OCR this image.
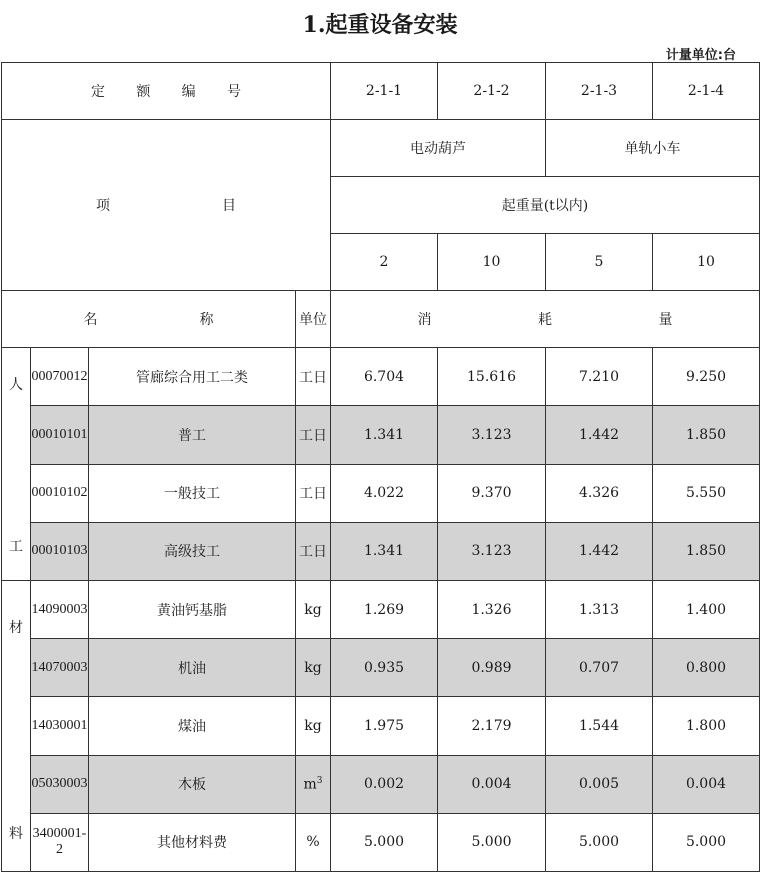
1.起重设备安装
计量单位:台
定 额 编 号				2-1-1	2-1-2	2-1-3	2-1-4

项 目				电动葫芦		单轨小车	
				起重量(t以内)			
				2	10	5	10

名 称			单位	消 耗 量			

人
工	00070012	管廊综合用工二类	工日	6.704	15.616	7.210	9.250
	00010101	普工	工日	1.341	3.123	1.442	1.850
	00010102	一般技工	工日	4.022	9.370	4.326	5.550
	00010103	高级技工	工日	1.341	3.123	1.442	1.850

材
料	14090003	黄油钙基脂	kg	1.269	1.326	1.313	1.400
	14070003	机油	kg	0.935	0.989	0.707	0.800
	14030001	煤油	kg	1.975	2.179	1.544	1.800
	05030003	木板	$m^3$	0.002	0.004	0.005	0.004
	3400001-2	其他材料费	%	5.000	5.000	5.000	5.000
